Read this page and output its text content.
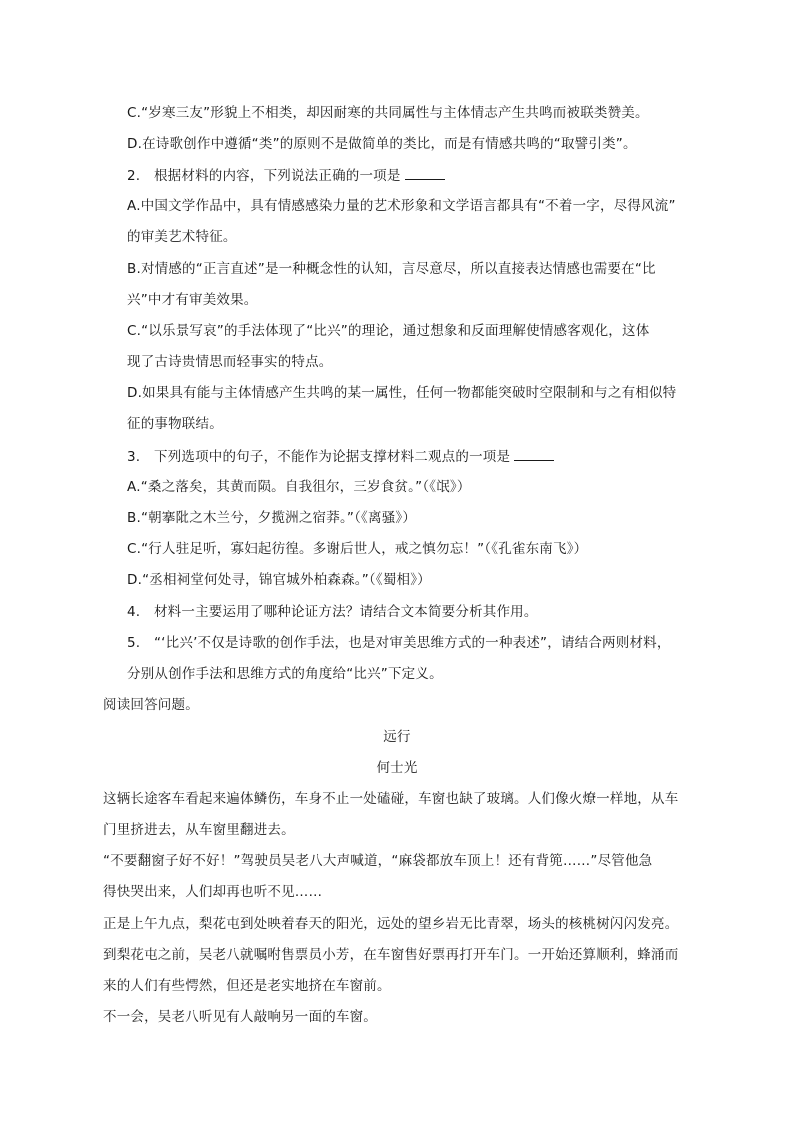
C.“岁寒三友”形貌上不相类，却因耐寒的共同属性与主体情志产生共鸣而被联类赞美。
D.在诗歌创作中遵循“类”的原则不是做简单的类比，而是有情感共鸣的“取譬引类”。
2.　根据材料的内容，下列说法正确的一项是
A.中国文学作品中，具有情感感染力量的艺术形象和文学语言都具有“不着一字，尽得风流”
的审美艺术特征。
B.对情感的“正言直述”是一种概念性的认知，言尽意尽，所以直接表达情感也需要在“比
兴”中才有审美效果。
C.“以乐景写哀”的手法体现了“比兴”的理论，通过想象和反面理解使情感客观化，这体
现了古诗贵情思而轻事实的特点。
D.如果具有能与主体情感产生共鸣的某一属性，任何一物都能突破时空限制和与之有相似特
征的事物联结。
3.　下列选项中的句子，不能作为论据支撑材料二观点的一项是
A.“桑之落矣，其黄而陨。自我徂尔，三岁食贫。”（《氓》）
B.“朝搴阰之木兰兮，夕揽洲之宿莽。”（《离骚》）
C.“行人驻足听，寡妇起彷徨。多谢后世人，戒之慎勿忘！”（《孔雀东南飞》）
D.“丞相祠堂何处寻，锦官城外柏森森。”（《蜀相》）
4.　材料一主要运用了哪种论证方法？请结合文本简要分析其作用。
5.　“‘比兴’不仅是诗歌的创作手法，也是对审美思维方式的一种表述”，请结合两则材料，
分别从创作手法和思维方式的角度给“比兴”下定义。
阅读回答问题。
远行
何士光
这辆长途客车看起来遍体鳞伤，车身不止一处磕碰，车窗也缺了玻璃。人们像火燎一样地，从车
门里挤进去，从车窗里翻进去。
“不要翻窗子好不好！”驾驶员吴老八大声喊道，“麻袋都放车顶上！还有背篼……”尽管他急
得快哭出来，人们却再也听不见……
正是上午九点，梨花屯到处映着春天的阳光，远处的望乡岩无比青翠，场头的核桃树闪闪发亮。
到梨花屯之前，吴老八就嘱咐售票员小芳，在车窗售好票再打开车门。一开始还算顺利，蜂涌而
来的人们有些愕然，但还是老实地挤在车窗前。
不一会，吴老八听见有人敲响另一面的车窗。
